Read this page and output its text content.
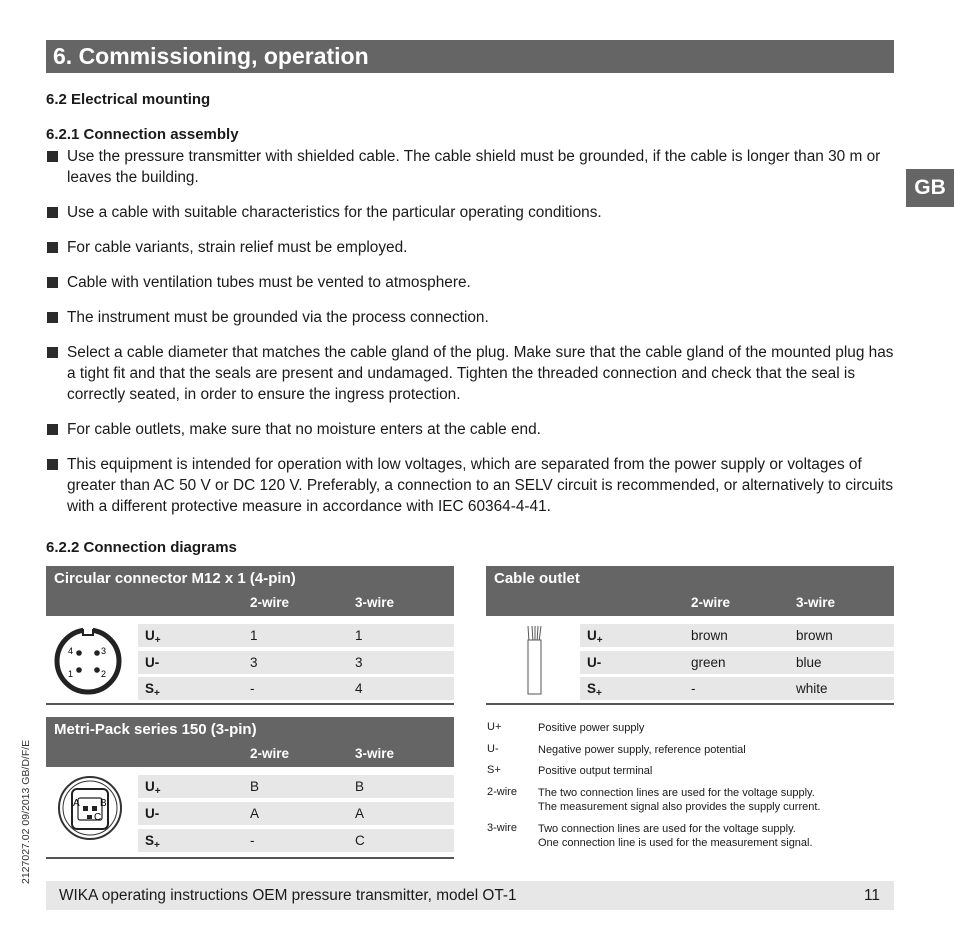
6. Commissioning, operation
GB
6.2 Electrical mounting
6.2.1 Connection assembly
Use the pressure transmitter with shielded cable. The cable shield must be grounded, if the cable is longer than 30 m or leaves the building.
Use a cable with suitable characteristics for the particular operating conditions.
For cable variants, strain relief must be employed.
Cable with ventilation tubes must be vented to atmosphere.
The instrument must be grounded via the process connection.
Select a cable diameter that matches the cable gland of the plug. Make sure that the cable gland of the mounted plug has a tight fit and that the seals are present and undamaged. Tighten the threaded connection and check that the seal is correctly seated, in order to ensure the ingress protection.
For cable outlets, make sure that no moisture enters at the cable end.
This equipment is intended for operation with low voltages, which are separated from the power supply or voltages of greater than AC 50 V or DC 120 V. Preferably, a connection to an SELV circuit is recommended, or alternatively to circuits with a different protective measure in accordance with IEC 60364-4-41.
6.2.2 Connection diagrams
Circular connector M12 x 1 (4-pin)
2-wire	3-wire
4	3
1	2
$U_+$	1	1
U-	3	3
$S_+$	-	4
Cable outlet
2-wire	3-wire
$U_+$	brown	brown
U-	green	blue
$S_+$	-	white
Metri-Pack series 150 (3-pin)
2-wire	3-wire
A B
C
$U_+$	B	B
U-	A	A
$S_+$	-	C
U+	Positive power supply
U-	Negative power supply, reference potential
S+	Positive output terminal
2-wire The two connection lines are used for the voltage supply.
The measurement signal also provides the supply current.
3-wire Two connection lines are used for the voltage supply.
One connection line is used for the measurement signal.
2127027.02 09/2013 GB/D/F/E
WIKA operating instructions OEM pressure transmitter, model OT-1	11
